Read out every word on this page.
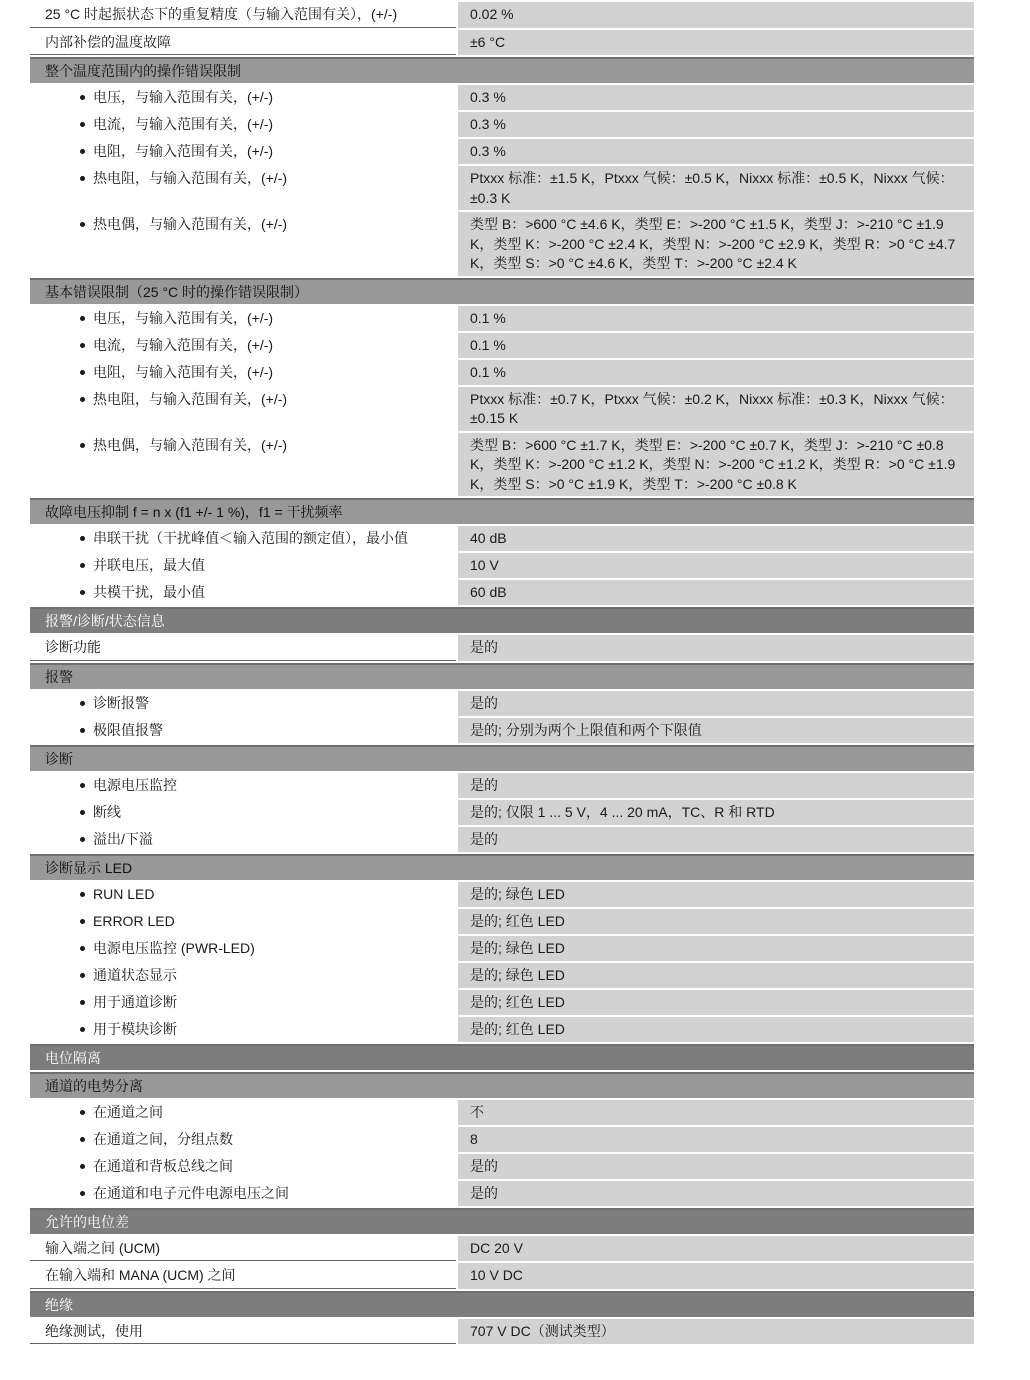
25 °C 时起振状态下的重复精度（与输入范围有关），(+/-)	0.02 %
内部补偿的温度故障	±6 °C
整个温度范围内的操作错误限制
电压，与输入范围有关，(+/-)	0.3 %
电流，与输入范围有关，(+/-)	0.3 %
电阻，与输入范围有关，(+/-)	0.3 %
热电阻，与输入范围有关，(+/-)	Ptxxx 标准：±1.5 K，Ptxxx 气候：±0.5 K，Nixxx 标准：±0.5 K，Nixxx 气候：±0.3 K
热电偶，与输入范围有关，(+/-)	类型 B：>600 °C ±4.6 K，类型 E：>-200 °C ±1.5 K，类型 J：>-210 °C ±1.9 K，类型 K：>-200 °C ±2.4 K，类型 N：>-200 °C ±2.9 K，类型 R：>0 °C ±4.7 K，类型 S：>0 °C ±4.6 K，类型 T：>-200 °C ±2.4 K
基本错误限制（25 °C 时的操作错误限制）
电压，与输入范围有关，(+/-)	0.1 %
电流，与输入范围有关，(+/-)	0.1 %
电阻，与输入范围有关，(+/-)	0.1 %
热电阻，与输入范围有关，(+/-)	Ptxxx 标准：±0.7 K，Ptxxx 气候：±0.2 K，Nixxx 标准：±0.3 K，Nixxx 气候：±0.15 K
热电偶，与输入范围有关，(+/-)	类型 B：>600 °C ±1.7 K，类型 E：>-200 °C ±0.7 K，类型 J：>-210 °C ±0.8 K，类型 K：>-200 °C ±1.2 K，类型 N：>-200 °C ±1.2 K，类型 R：>0 °C ±1.9 K，类型 S：>0 °C ±1.9 K，类型 T：>-200 °C ±0.8 K
故障电压抑制 f = n x (f1 +/- 1 %)，f1 = 干扰频率
串联干扰（干扰峰值＜输入范围的额定值），最小值	40 dB
并联电压，最大值	10 V
共模干扰，最小值	60 dB
报警/诊断/状态信息
诊断功能	是的
报警
诊断报警	是的
极限值报警	是的; 分别为两个上限值和两个下限值
诊断
电源电压监控	是的
断线	是的; 仅限 1 ... 5 V，4 ... 20 mA，TC、R 和 RTD
溢出/下溢	是的
诊断显示 LED
RUN LED	是的; 绿色 LED
ERROR LED	是的; 红色 LED
电源电压监控 (PWR-LED)	是的; 绿色 LED
通道状态显示	是的; 绿色 LED
用于通道诊断	是的; 红色 LED
用于模块诊断	是的; 红色 LED
电位隔离
通道的电势分离
在通道之间	不
在通道之间，分组点数	8
在通道和背板总线之间	是的
在通道和电子元件电源电压之间	是的
允许的电位差
输入端之间 (UCM)	DC 20 V
在输入端和 MANA (UCM) 之间	10 V DC
绝缘
绝缘测试，使用	707 V DC（测试类型）
